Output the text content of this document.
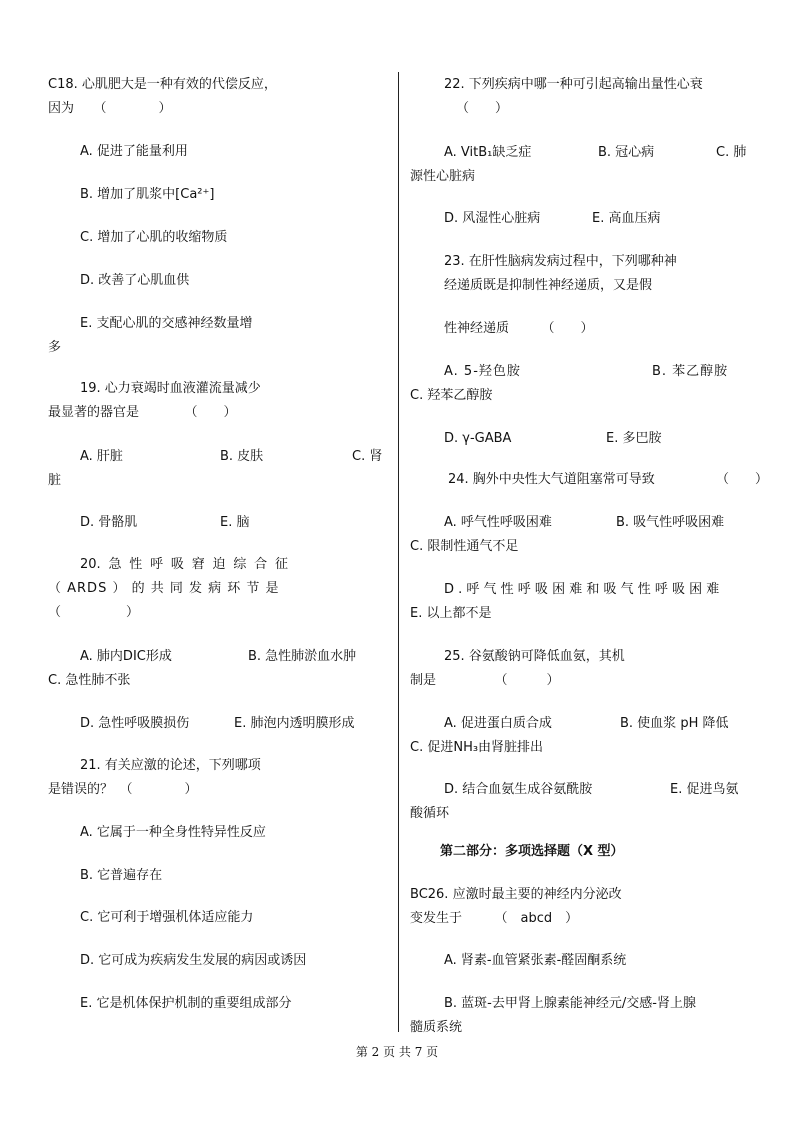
C18. 心肌肥大是一种有效的代偿反应，
因为　　（　　　　）
A. 促进了能量利用
B. 增加了肌浆中[Ca²⁺]
C. 增加了心肌的收缩物质
D. 改善了心肌血供
E. 支配心肌的交感神经数量增
多
19. 心力衰竭时血液灌流量减少
最显著的器官是　　　　（　　）
A. 肝脏	B. 皮肤	C. 肾
脏
D. 骨骼肌	E. 脑
20. 急 性 呼 吸 窘 迫 综 合 征
（ ARDS ） 的 共 同 发 病 环 节 是
（　　　　　）
A. 肺内DIC形成	B. 急性肺淤血水肿
C. 急性肺不张
D. 急性呼吸膜损伤	E. 肺泡内透明膜形成
21. 有关应激的论述，下列哪项
是错误的？　（　　　　）
A. 它属于一种全身性特异性反应
B. 它普遍存在
C. 它可利于增强机体适应能力
D. 它可成为疾病发生发展的病因或诱因
E. 它是机体保护机制的重要组成部分
22. 下列疾病中哪一种可引起高输出量性心衰
（　　）
A. VitB₁缺乏症	B. 冠心病	C. 肺
源性心脏病
D. 风湿性心脏病	E. 高血压病
23. 在肝性脑病发病过程中，下列哪种神
经递质既是抑制性神经递质，又是假
性神经递质　　　（　　）
A. 5-羟色胺	B. 苯乙醇胺
C. 羟苯乙醇胺
D. γ-GABA	E. 多巴胺
24. 胸外中央性大气道阻塞常可导致	（　　）
A. 呼气性呼吸困难	B. 吸气性呼吸困难
C. 限制性通气不足
D . 呼 气 性 呼 吸 困 难 和 吸 气 性 呼 吸 困 难
E. 以上都不是
25. 谷氨酸钠可降低血氨，其机
制是　　　　　（　　　）
A. 促进蛋白质合成	B. 使血浆 pH 降低
C. 促进NH₃由肾脏排出
D. 结合血氨生成谷氨酰胺	E. 促进鸟氨
酸循环
第二部分：多项选择题（X 型）
BC26. 应激时最主要的神经内分泌改
变发生于　　　（　abcd　）
A. 肾素-血管紧张素-醛固酮系统
B. 蓝斑-去甲肾上腺素能神经元/交感-肾上腺
髓质系统
第 2 页 共 7 页
